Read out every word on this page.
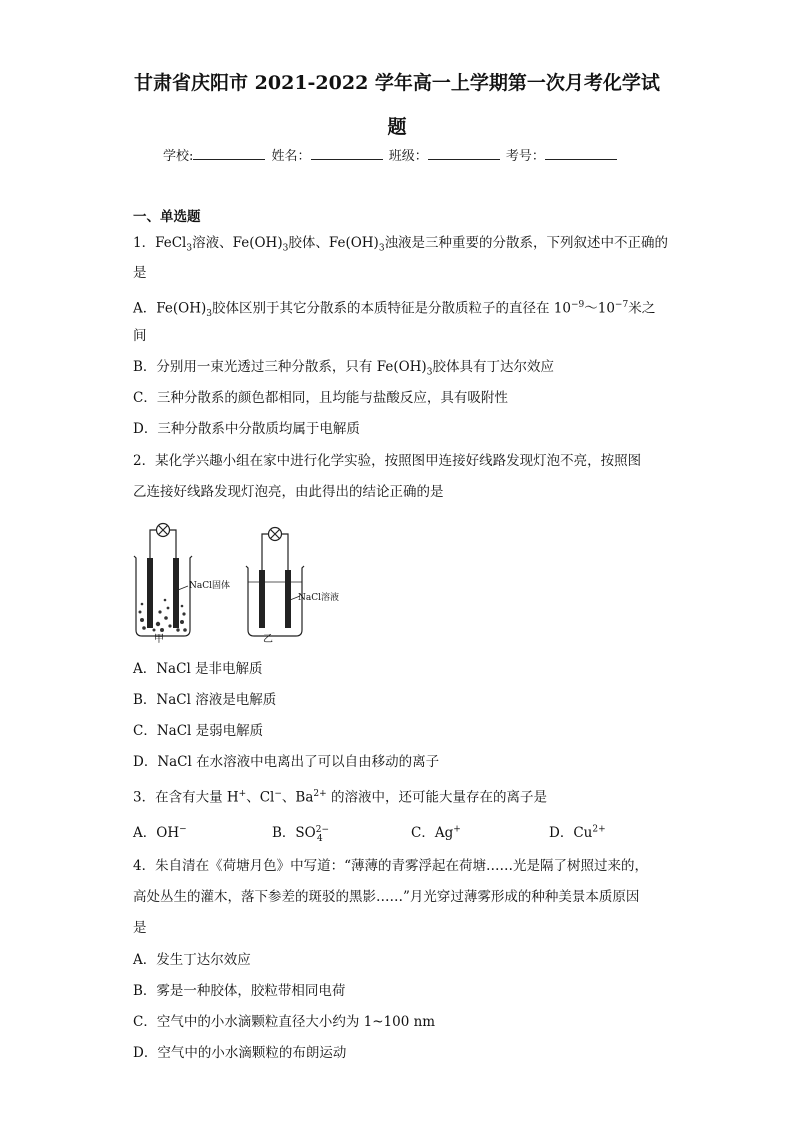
甘肃省庆阳市 2021-2022 学年高一上学期第一次月考化学试
题
学校:	姓名：	班级：	考号：
一、单选题
1．FeCl$_3$溶液、$Fe(OH)_3$胶体、$Fe(OH)_3$浊液是三种重要的分散系，下列叙述中不正确的
是
A．$Fe(OH)_3$胶体区别于其它分散系的本质特征是分散质粒子的直径在 $10^{-9}\sim 10^{-7}$米之
间
B．分别用一束光透过三种分散系，只有 $Fe(OH)_3$胶体具有丁达尔效应
C．三种分散系的颜色都相同，且均能与盐酸反应，具有吸附性
D．三种分散系中分散质均属于电解质
2．某化学兴趣小组在家中进行化学实验，按照图甲连接好线路发现灯泡不亮，按照图
乙连接好线路发现灯泡亮，由此得出的结论正确的是
NaCl固体
NaCl溶液
甲	乙
A．NaCl 是非电解质
B．NaCl 溶液是电解质
C．NaCl 是弱电解质
D．NaCl 在水溶液中电离出了可以自由移动的离子
3．在含有大量 H+、Cl−、$Ba^{2+}$ 的溶液中，还可能大量存在的离子是
A．OH−	B．$SO^{2-}_4$	C．Ag+	D．$Cu^{2+}$
4．朱自清在《荷塘月色》中写道：“薄薄的青雾浮起在荷塘……光是隔了树照过来的，
高处丛生的灌木，落下参差的斑驳的黑影……”月光穿过薄雾形成的种种美景本质原因
是
A．发生丁达尔效应
B．雾是一种胶体，胶粒带相同电荷
C．空气中的小水滴颗粒直径大小约为 1~100 nm
D．空气中的小水滴颗粒的布朗运动
